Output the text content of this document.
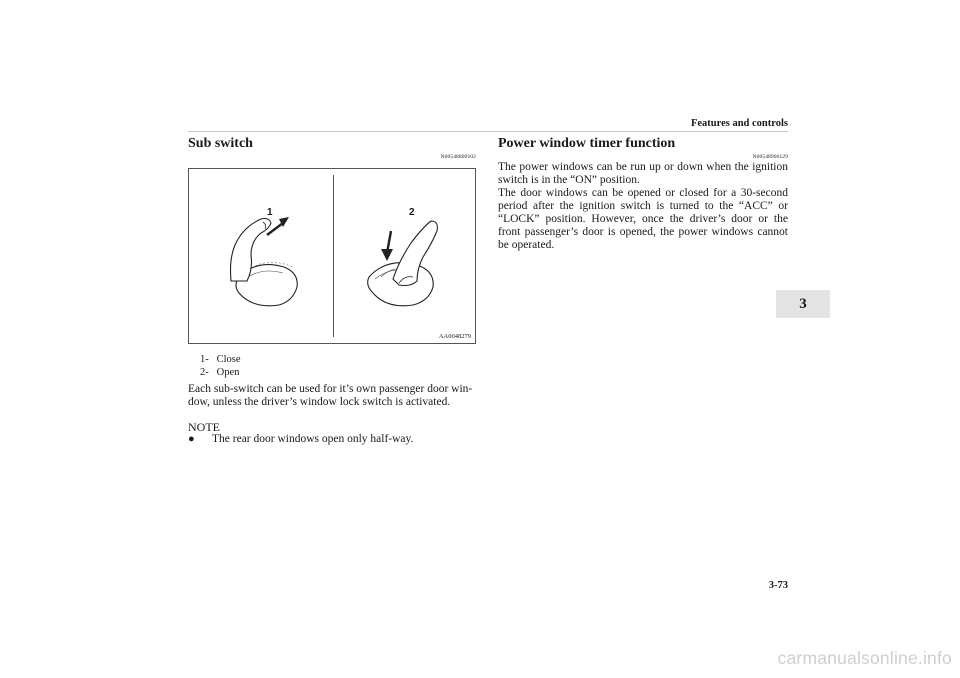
Features and controls
3
Sub switch
N00548800102
1	2
AA0048279
1- Close
2- Open
Each sub-switch can be used for it’s own passenger door win-
dow, unless the driver’s window lock switch is activated.
NOTE
● The rear door windows open only half-way.
Power window timer function
N00548900129
The power windows can be run up or down when the ignition switch is in the “ON” position.
The door windows can be opened or closed for a 30-second period after the ignition switch is turned to the “ACC” or “LOCK” position. However, once the driver’s door or the front passenger’s door is opened, the power windows cannot be operated.
3-73
carmanualsonline.info
